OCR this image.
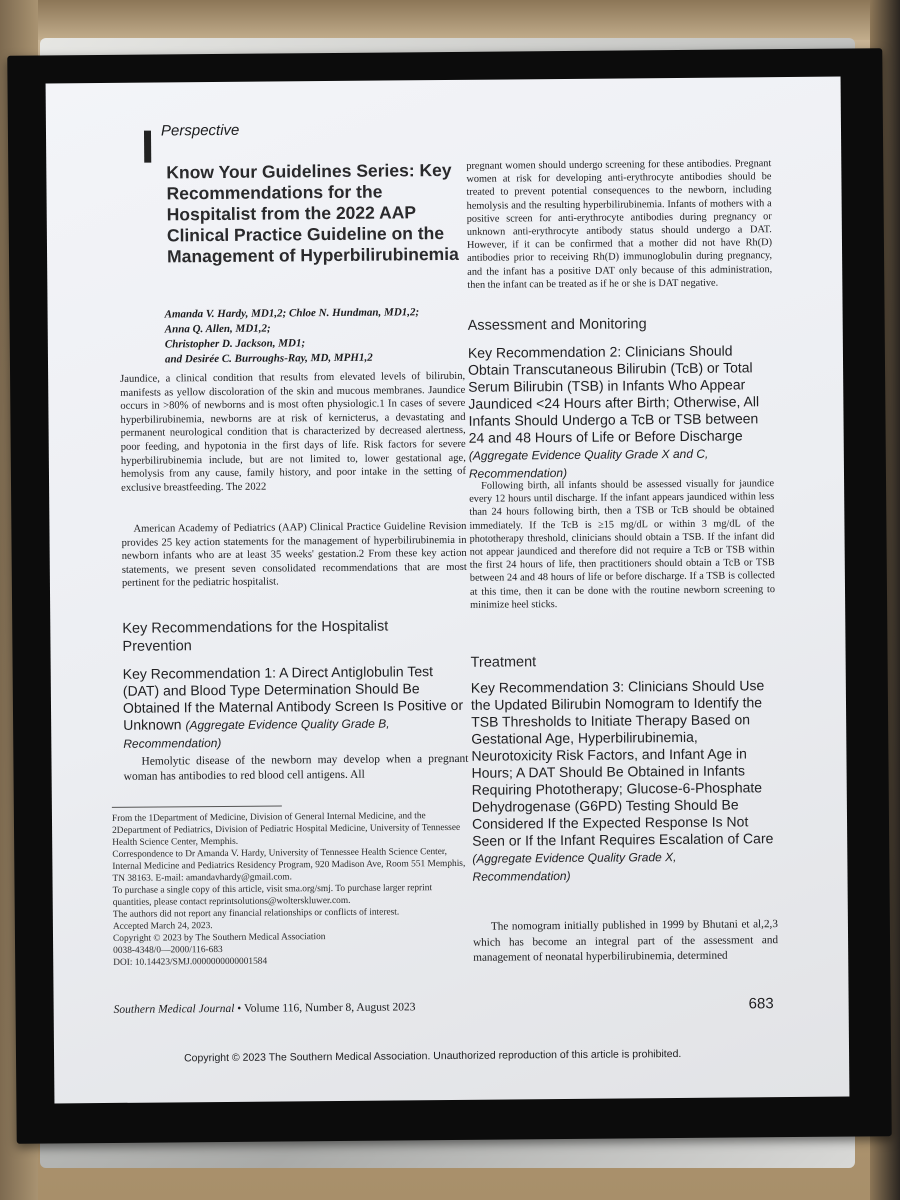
Perspective
Know Your Guidelines Series: Key Recommendations for the Hospitalist from the 2022 AAP Clinical Practice Guideline on the Management of Hyperbilirubinemia
Amanda V. Hardy, MD1,2; Chloe N. Hundman, MD1,2;
Anna Q. Allen, MD1,2;
Christopher D. Jackson, MD1;
and Desirée C. Burroughs-Ray, MD, MPH1,2
Jaundice, a clinical condition that results from elevated levels of bilirubin, manifests as yellow discoloration of the skin and mucous membranes. Jaundice occurs in >80% of newborns and is most often physiologic.1 In cases of severe hyperbilirubinemia, newborns are at risk of kernicterus, a devastating and permanent neurological condition that is characterized by decreased alertness, poor feeding, and hypotonia in the first days of life. Risk factors for severe hyperbilirubinemia include, but are not limited to, lower gestational age, hemolysis from any cause, family history, and poor intake in the setting of exclusive breastfeeding. The 2022
American Academy of Pediatrics (AAP) Clinical Practice Guideline Revision provides 25 key action statements for the management of hyperbilirubinemia in newborn infants who are at least 35 weeks' gestation.2 From these key action statements, we present seven consolidated recommendations that are most pertinent for the pediatric hospitalist.
Key Recommendations for the Hospitalist
Prevention
Key Recommendation 1: A Direct Antiglobulin Test (DAT) and Blood Type Determination Should Be Obtained If the Maternal Antibody Screen Is Positive or Unknown (Aggregate Evidence Quality Grade B, Recommendation)
Hemolytic disease of the newborn may develop when a pregnant woman has antibodies to red blood cell antigens. All
From the 1Department of Medicine, Division of General Internal Medicine, and the 2Department of Pediatrics, Division of Pediatric Hospital Medicine, University of Tennessee Health Science Center, Memphis.
Correspondence to Dr Amanda V. Hardy, University of Tennessee Health Science Center, Internal Medicine and Pediatrics Residency Program, 920 Madison Ave, Room 551 Memphis, TN 38163. E-mail: amandavhardy@gmail.com.
To purchase a single copy of this article, visit sma.org/smj. To purchase larger reprint quantities, please contact reprintsolutions@wolterskluwer.com.
The authors did not report any financial relationships or conflicts of interest.
Accepted March 24, 2023.
Copyright © 2023 by The Southern Medical Association
0038-4348/0—2000/116-683
DOI: 10.14423/SMJ.0000000000001584
pregnant women should undergo screening for these antibodies. Pregnant women at risk for developing anti-erythrocyte antibodies should be treated to prevent potential consequences to the newborn, including hemolysis and the resulting hyperbilirubinemia. Infants of mothers with a positive screen for anti-erythrocyte antibodies during pregnancy or unknown anti-erythrocyte antibody status should undergo a DAT. However, if it can be confirmed that a mother did not have Rh(D) antibodies prior to receiving Rh(D) immunoglobulin during pregnancy, and the infant has a positive DAT only because of this administration, then the infant can be treated as if he or she is DAT negative.
Assessment and Monitoring
Key Recommendation 2: Clinicians Should Obtain Transcutaneous Bilirubin (TcB) or Total Serum Bilirubin (TSB) in Infants Who Appear Jaundiced <24 Hours after Birth; Otherwise, All Infants Should Undergo a TcB or TSB between 24 and 48 Hours of Life or Before Discharge (Aggregate Evidence Quality Grade X and C, Recommendation)
Following birth, all infants should be assessed visually for jaundice every 12 hours until discharge. If the infant appears jaundiced within less than 24 hours following birth, then a TSB or TcB should be obtained immediately. If the TcB is ≥15 mg/dL or within 3 mg/dL of the phototherapy threshold, clinicians should obtain a TSB. If the infant did not appear jaundiced and therefore did not require a TcB or TSB within the first 24 hours of life, then practitioners should obtain a TcB or TSB between 24 and 48 hours of life or before discharge. If a TSB is collected at this time, then it can be done with the routine newborn screening to minimize heel sticks.
Treatment
Key Recommendation 3: Clinicians Should Use the Updated Bilirubin Nomogram to Identify the TSB Thresholds to Initiate Therapy Based on Gestational Age, Hyperbilirubinemia, Neurotoxicity Risk Factors, and Infant Age in Hours; A DAT Should Be Obtained in Infants Requiring Phototherapy; Glucose-6-Phosphate Dehydrogenase (G6PD) Testing Should Be Considered If the Expected Response Is Not Seen or If the Infant Requires Escalation of Care (Aggregate Evidence Quality Grade X, Recommendation)
The nomogram initially published in 1999 by Bhutani et al,2,3 which has become an integral part of the assessment and management of neonatal hyperbilirubinemia, determined
Southern Medical Journal • Volume 116, Number 8, August 2023	683
Copyright © 2023 The Southern Medical Association. Unauthorized reproduction of this article is prohibited.
